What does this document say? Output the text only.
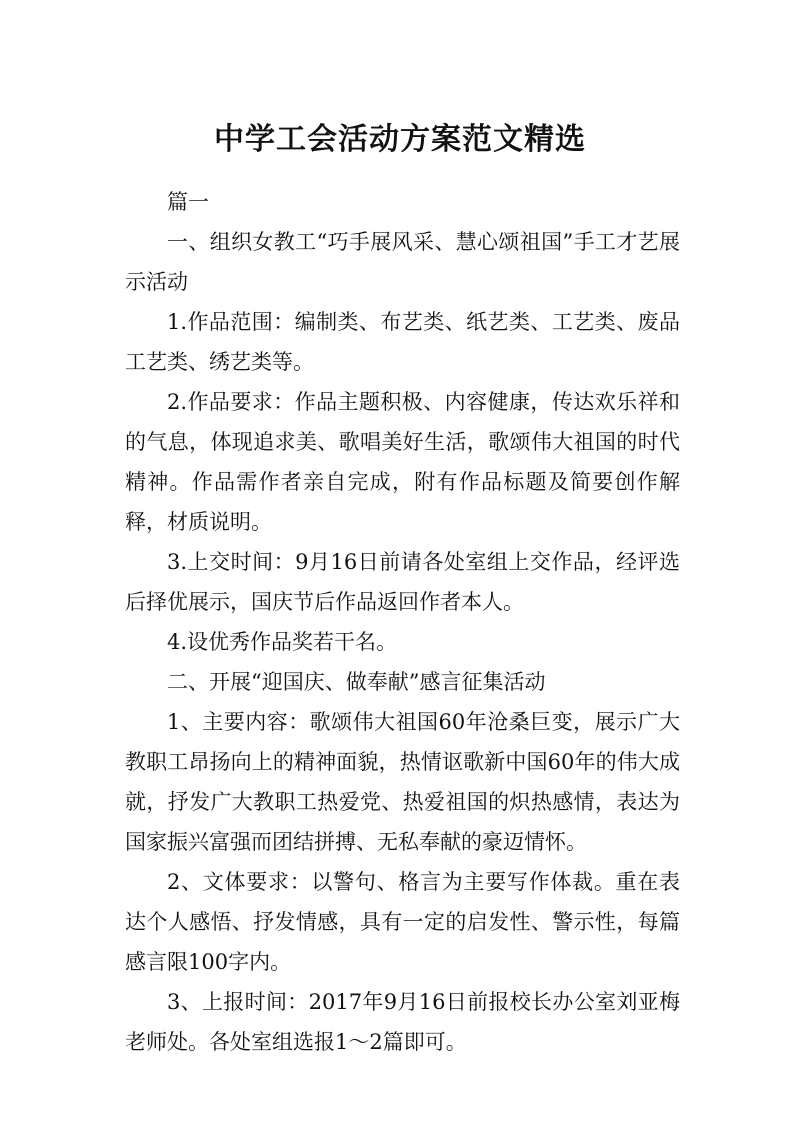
中学工会活动方案范文精选

篇一

一、组织女教工“巧手展风采、慧心颂祖国”手工才艺展示活动

1.作品范围：编制类、布艺类、纸艺类、工艺类、废品工艺类、绣艺类等。

2.作品要求：作品主题积极、内容健康，传达欢乐祥和的气息，体现追求美、歌唱美好生活，歌颂伟大祖国的时代精神。作品需作者亲自完成，附有作品标题及简要创作解释，材质说明。

3.上交时间：9月16日前请各处室组上交作品，经评选后择优展示，国庆节后作品返回作者本人。

4.设优秀作品奖若干名。

二、开展“迎国庆、做奉献”感言征集活动

1、主要内容：歌颂伟大祖国60年沧桑巨变，展示广大教职工昂扬向上的精神面貌，热情讴歌新中国60年的伟大成就，抒发广大教职工热爱党、热爱祖国的炽热感情，表达为国家振兴富强而团结拼搏、无私奉献的豪迈情怀。

2、文体要求：以警句、格言为主要写作体裁。重在表达个人感悟、抒发情感，具有一定的启发性、警示性，每篇感言限100字内。

3、上报时间：2017年9月16日前报校长办公室刘亚梅老师处。各处室组选报1～2篇即可。
